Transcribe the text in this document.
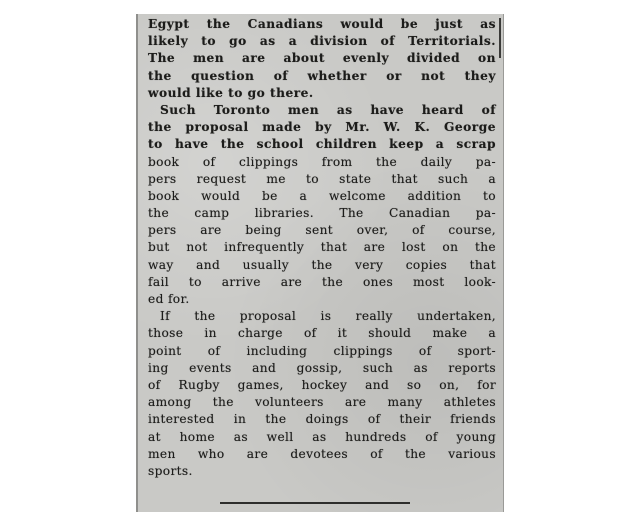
Egypt the Canadians would be just as
likely to go as a division of Territorials.
The men are about evenly divided on
the question of whether or not they
would like to go there.
Such Toronto men as have heard of
the proposal made by Mr. W. K. George
to have the school children keep a scrap
book of clippings from the daily pa-
pers request me to state that such a
book would be a welcome addition to
the camp libraries. The Canadian pa-
pers are being sent over, of course,
but not infrequently that are lost on the
way and usually the very copies that
fail to arrive are the ones most look-
ed for.
If the proposal is really undertaken,
those in charge of it should make a
point of including clippings of sport-
ing events and gossip, such as reports
of Rugby games, hockey and so on, for
among the volunteers are many athletes
interested in the doings of their friends
at home as well as hundreds of young
men who are devotees of the various
sports.
